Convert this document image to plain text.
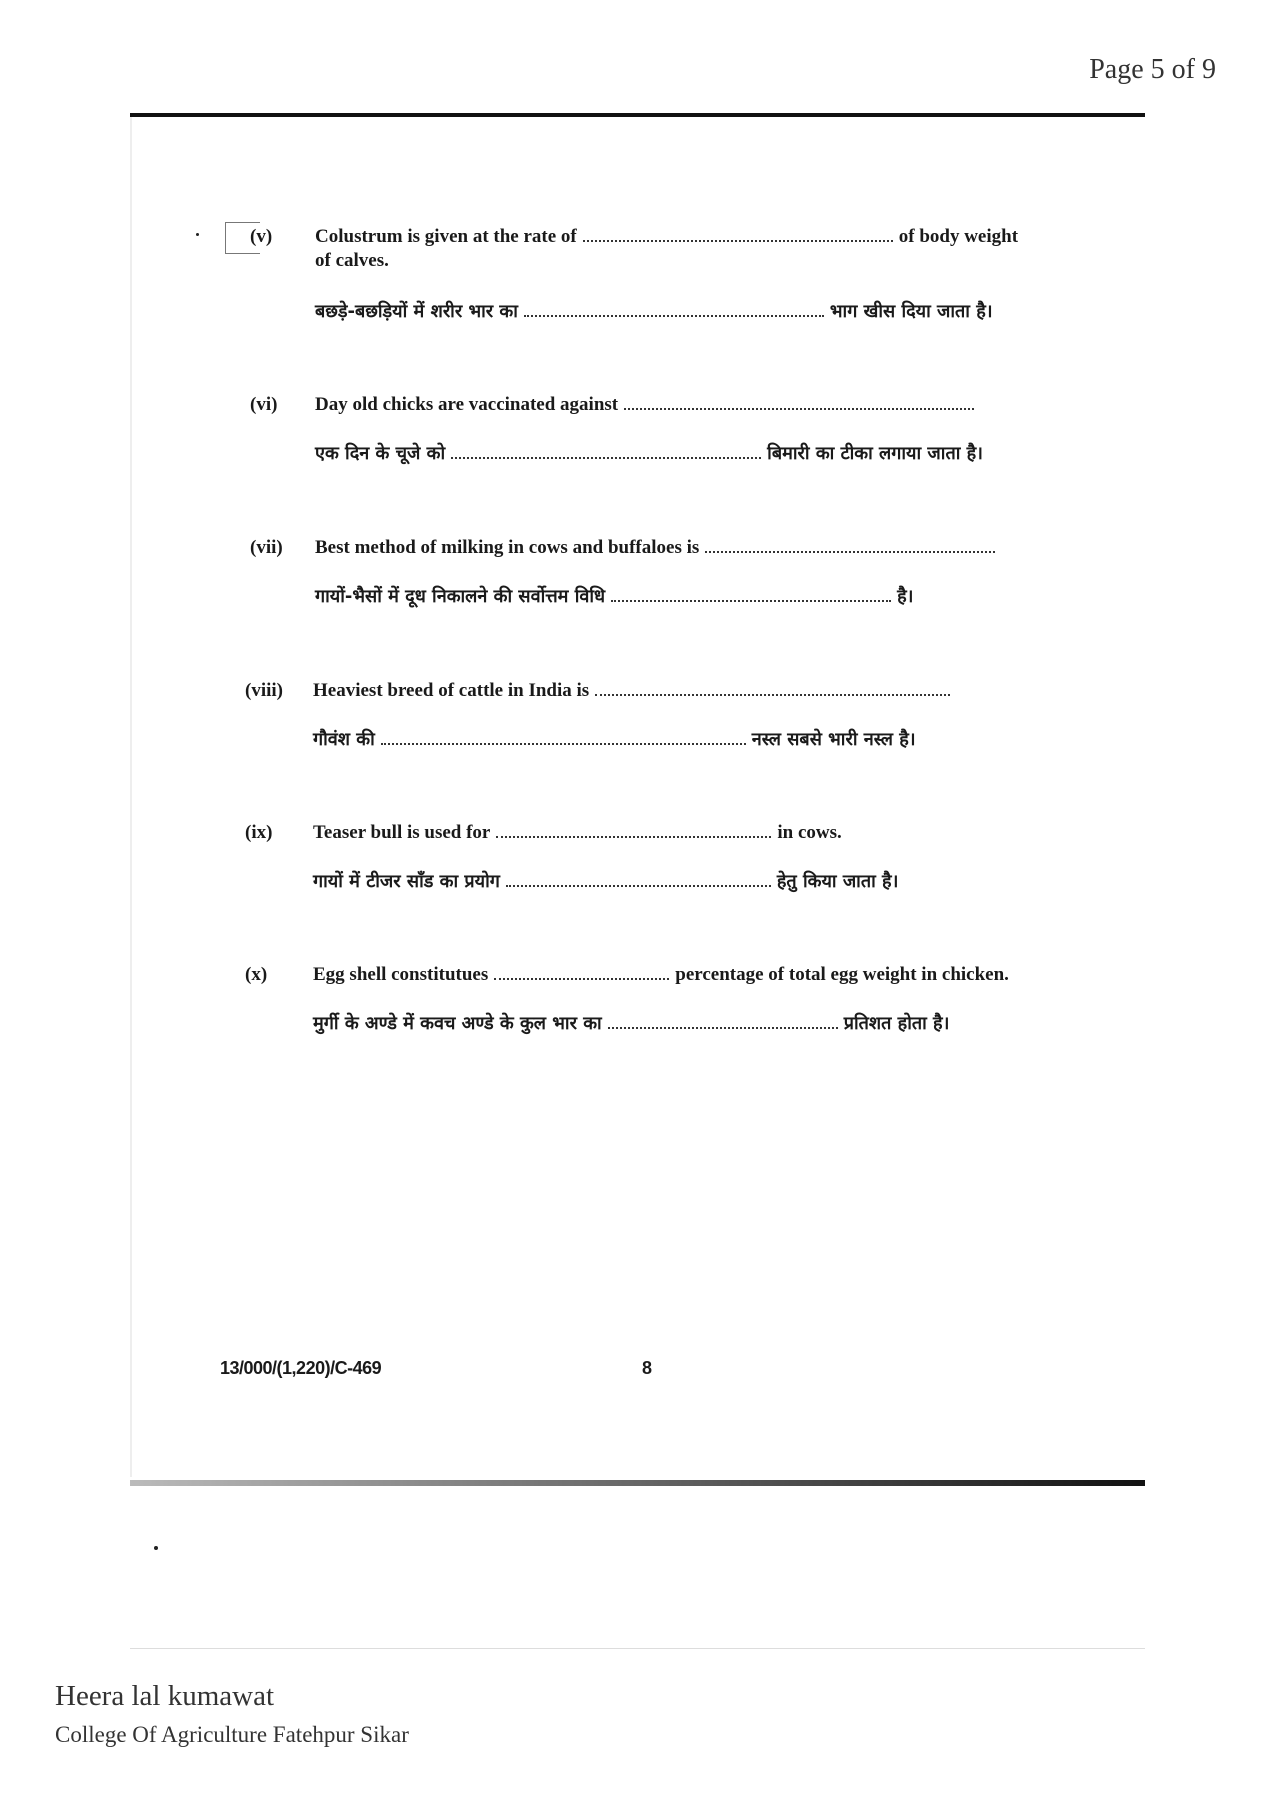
Page 5 of 9

(v)	Colustrum is given at the rate of	of body weight
of calves.
बछड़े-बछड़ियों में शरीर भार का	भाग खीस दिया जाता है।
(vi)	Day old chicks are vaccinated against
एक दिन के चूजे को	बिमारी का टीका लगाया जाता है।
(vii)	Best method of milking in cows and buffaloes is
गायों-भैसों में दूध निकालने की सर्वोत्तम विधि	है।
(viii)	Heaviest breed of cattle in India is
गौवंश की	नस्ल सबसे भारी नस्ल है।
(ix)	Teaser bull is used for	in cows.
गायों में टीजर सॉंड का प्रयोग	हेतु किया जाता है।
(x)	Egg shell constitutues	percentage of total egg weight in chicken.
मुर्गी के अण्डे में कवच अण्डे के कुल भार का	प्रतिशत होता है।
13/000/(1,220)/C-469	8
Heera lal kumawat
College Of Agriculture Fatehpur Sikar
